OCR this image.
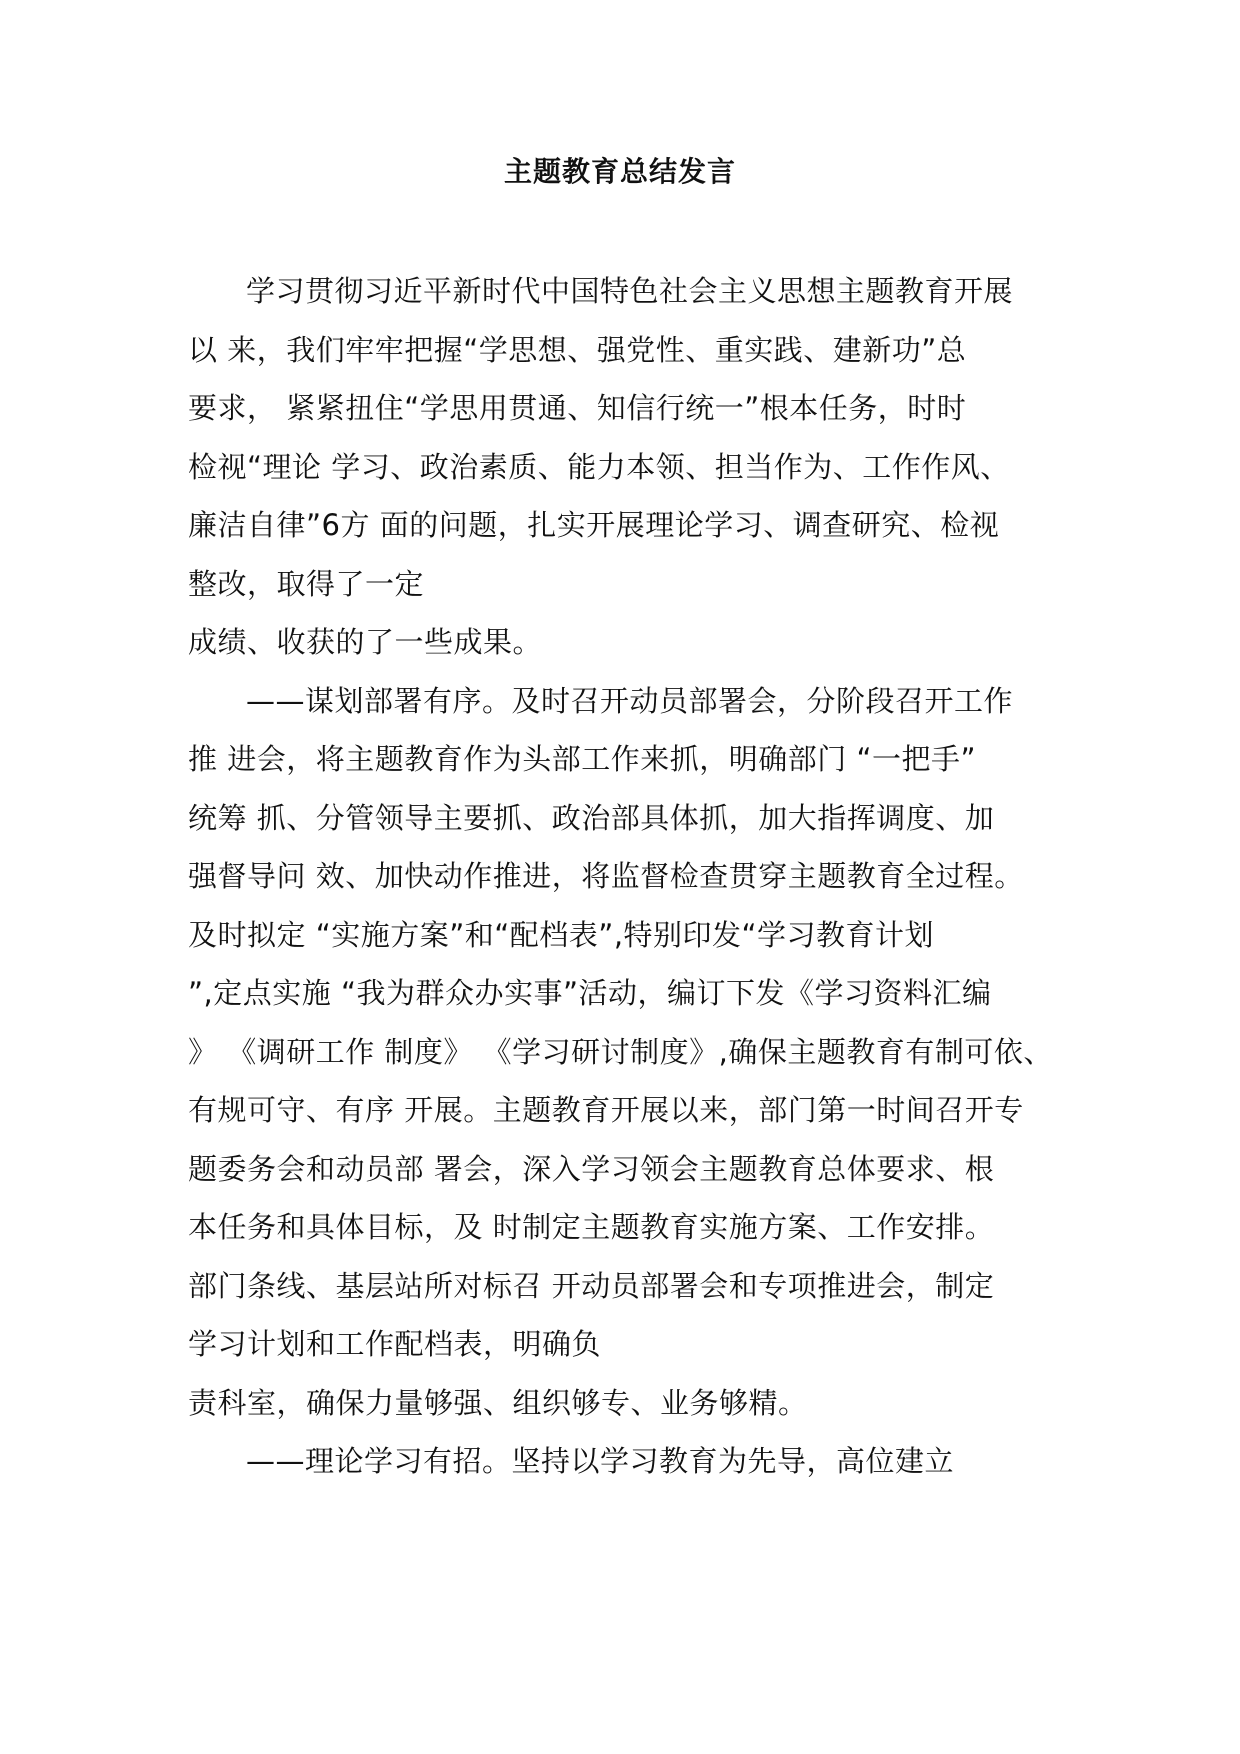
主题教育总结发言
学习贯彻习近平新时代中国特色社会主义思想主题教育开展
以 来，我们牢牢把握“学思想、强党性、重实践、建新功”总
要求， 紧紧扭住“学思用贯通、知信行统一”根本任务，时时
检视“理论 学习、政治素质、能力本领、担当作为、工作作风、
廉洁自律”6方 面的问题，扎实开展理论学习、调查研究、检视
整改，取得了一定
成绩、收获的了一些成果。
——谋划部署有序。及时召开动员部署会，分阶段召开工作
推 进会，将主题教育作为头部工作来抓，明确部门 “一把手”
统筹 抓、分管领导主要抓、政治部具体抓，加大指挥调度、加
强督导问 效、加快动作推进，将监督检查贯穿主题教育全过程。
及时拟定 “实施方案”和“配档表”,特别印发“学习教育计划
”,定点实施 “我为群众办实事”活动，编订下发《学习资料汇编
》 《调研工作 制度》 《学习研讨制度》,确保主题教育有制可依、
有规可守、有序 开展。主题教育开展以来，部门第一时间召开专
题委务会和动员部 署会，深入学习领会主题教育总体要求、根
本任务和具体目标，及 时制定主题教育实施方案、工作安排。
部门条线、基层站所对标召 开动员部署会和专项推进会，制定
学习计划和工作配档表，明确负
责科室，确保力量够强、组织够专、业务够精。
——理论学习有招。坚持以学习教育为先导，高位建立
